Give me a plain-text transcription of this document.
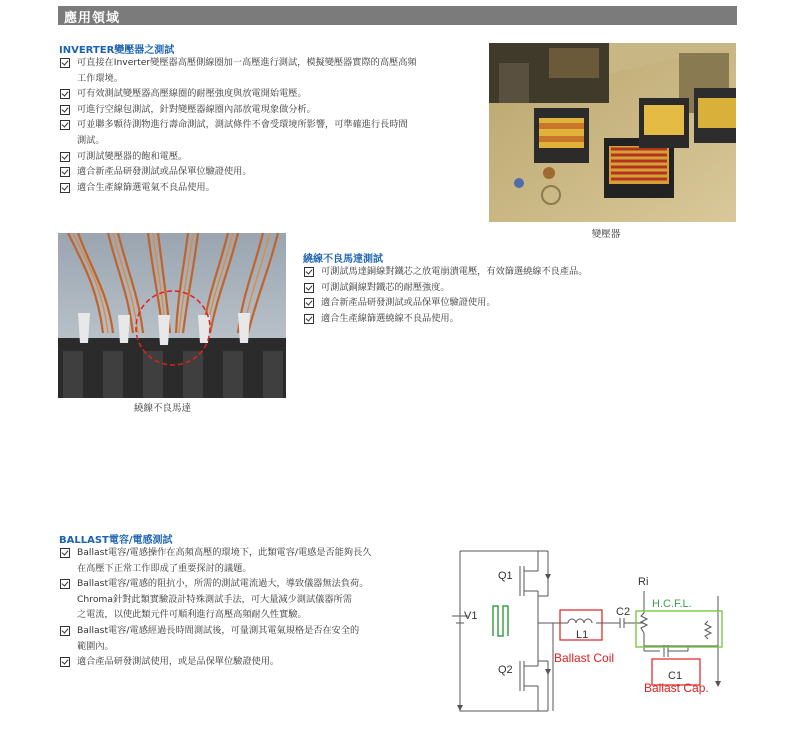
應用領域
INVERTER變壓器之測試
可直接在Inverter變壓器高壓側線圈加一高壓進行測試，模擬變壓器實際的高壓高頻
工作環境。
可有效測試變壓器高壓線圈的耐壓強度與放電開始電壓。
可進行空線包測試，針對變壓器線圈內部放電現象做分析。
可並聯多顆待測物進行壽命測試，測試條件不會受環境所影響，可準確進行長時間
測試。
可測試變壓器的飽和電壓。
適合新產品研發測試或品保單位驗證使用。
適合生產線篩選電氣不良品使用。
變壓器
繞線不良馬達
繞線不良馬達測試
可測試馬達銅線對鐵芯之放電崩潰電壓，有效篩選繞線不良產品。
可測試銅線對鐵芯的耐壓強度。
適合新產品研發測試或品保單位驗證使用。
適合生產線篩選繞線不良品使用。
BALLAST電容/電感測試
Ballast電容/電感操作在高頻高壓的環境下，此類電容/電感是否能夠長久
在高壓下正常工作即成了重要探討的議題。
Ballast電容/電感的阻抗小，所需的測試電流過大，導致儀器無法負荷。
Chroma針對此類實驗設計特殊測試手法，可大量減少測試儀器所需
之電流，以使此類元件可順利進行高壓高頻耐久性實驗。
Ballast電容/電感經過長時間測試後，可量測其電氣規格是否在安全的
範圍內。
適合產品研發測試使用，或是品保單位驗證使用。
Q1
Q2
V1
Ri
C2
L1
C1
H.C.F.L.
Ballast Coil
Ballast Cap.
